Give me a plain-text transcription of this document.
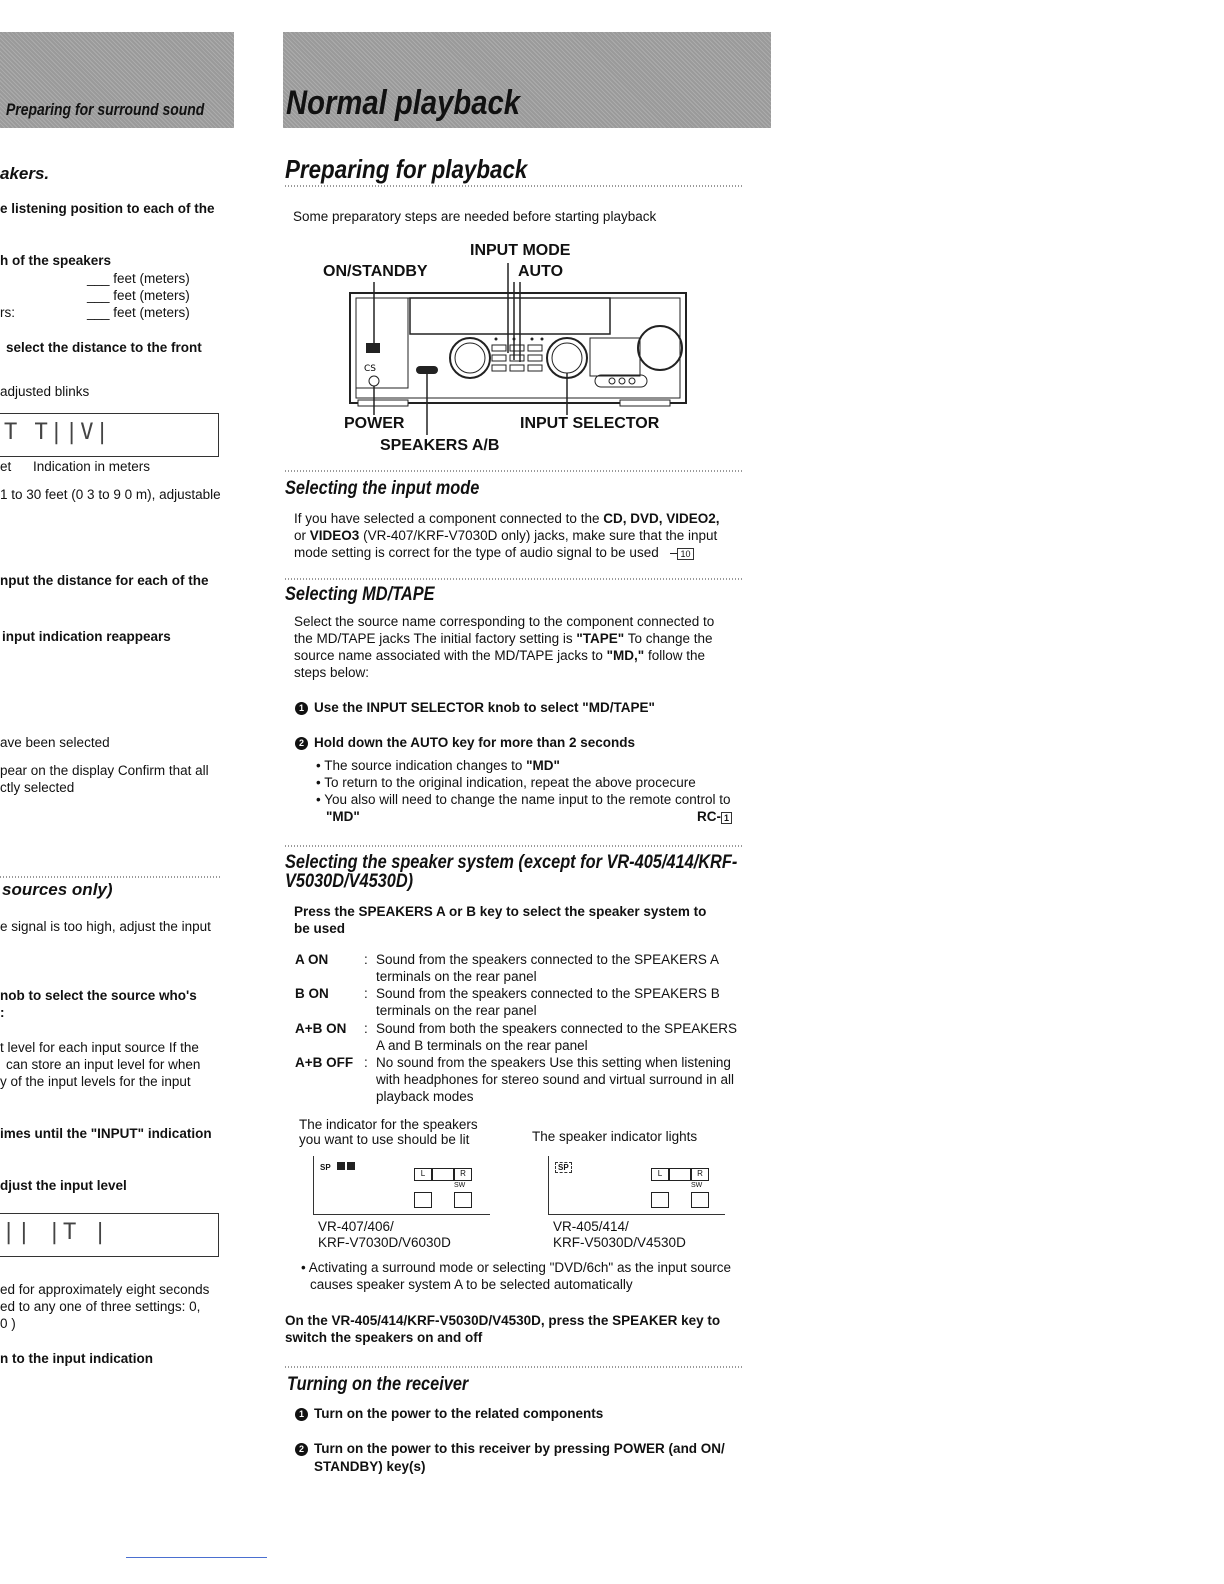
Preparing for surround sound
akers.
e listening position to each of the
h of the speakers
___ feet (meters)
___ feet (meters)
rs:	___ feet (meters)
select the distance to the front
adjusted blinks
et Indication in meters
1 to 30 feet (0 3 to 9 0 m), adjustable
nput the distance for each of the
input indication reappears
ave been selected
pear on the display Confirm that all
ctly selected
e signal is too high, adjust the input
nob to select the source who's
:
t level for each input source If the
can store an input level for when
y of the input levels for the input
imes until the "INPUT" indication
djust the input level
ed for approximately eight seconds
ed to any one of three settings: 0,
0 )
n to the input indication
T T||V|
sources only)
|| |T |
Normal playback
Preparing for playback
Some preparatory steps are needed before starting playback
INPUT MODE
ON/STANDBY	AUTO
CS
POWER	INPUT SELECTOR
SPEAKERS A/B
Selecting the input mode
If you have selected a component connected to the CD, DVD, VIDEO2,
or VIDEO3 (VR-407/KRF-V7030D only) jacks, make sure that the input
mode setting is correct for the type of audio signal to be used   – 10
Selecting MD/TAPE
Select the source name corresponding to the component connected to
the MD/TAPE jacks The initial factory setting is "TAPE" To change the
source name associated with the MD/TAPE jacks to "MD," follow the
steps below:
1 Use the INPUT SELECTOR knob to select "MD/TAPE"
2 Hold down the AUTO key for more than 2 seconds
• The source indication changes to "MD"
• To return to the original indication, repeat the above procecure
• You also will need to change the name input to the remote control to
"MD"	RC- 1
Selecting the speaker system (except for VR-405/414/KRF-
V5030D/V4530D)
Press the SPEAKERS A or B key to select the speaker system to
be used
A ON	: Sound from the speakers connected to the SPEAKERS A
terminals on the rear panel
B ON	: Sound from the speakers connected to the SPEAKERS B
terminals on the rear panel
A+B ON : Sound from both the speakers connected to the SPEAKERS
A and B terminals on the rear panel
A+B OFF : No sound from the speakers Use this setting when listening
with headphones for stereo sound and virtual surround in all
playback modes
The indicator for the speakers
you want to use should be lit	The speaker indicator lights
SP
L	R
SW
VR-407/406/
KRF-V7030D/V6030D
SP
L	R
SW
VR-405/414/
KRF-V5030D/V4530D
• Activating a surround mode or selecting "DVD/6ch" as the input source
causes speaker system A to be selected automatically
On the VR-405/414/KRF-V5030D/V4530D, press the SPEAKER key to
switch the speakers on and off
Turning on the receiver
1 Turn on the power to the related components
2 Turn on the power to this receiver by pressing POWER (and ON/
STANDBY) key(s)
